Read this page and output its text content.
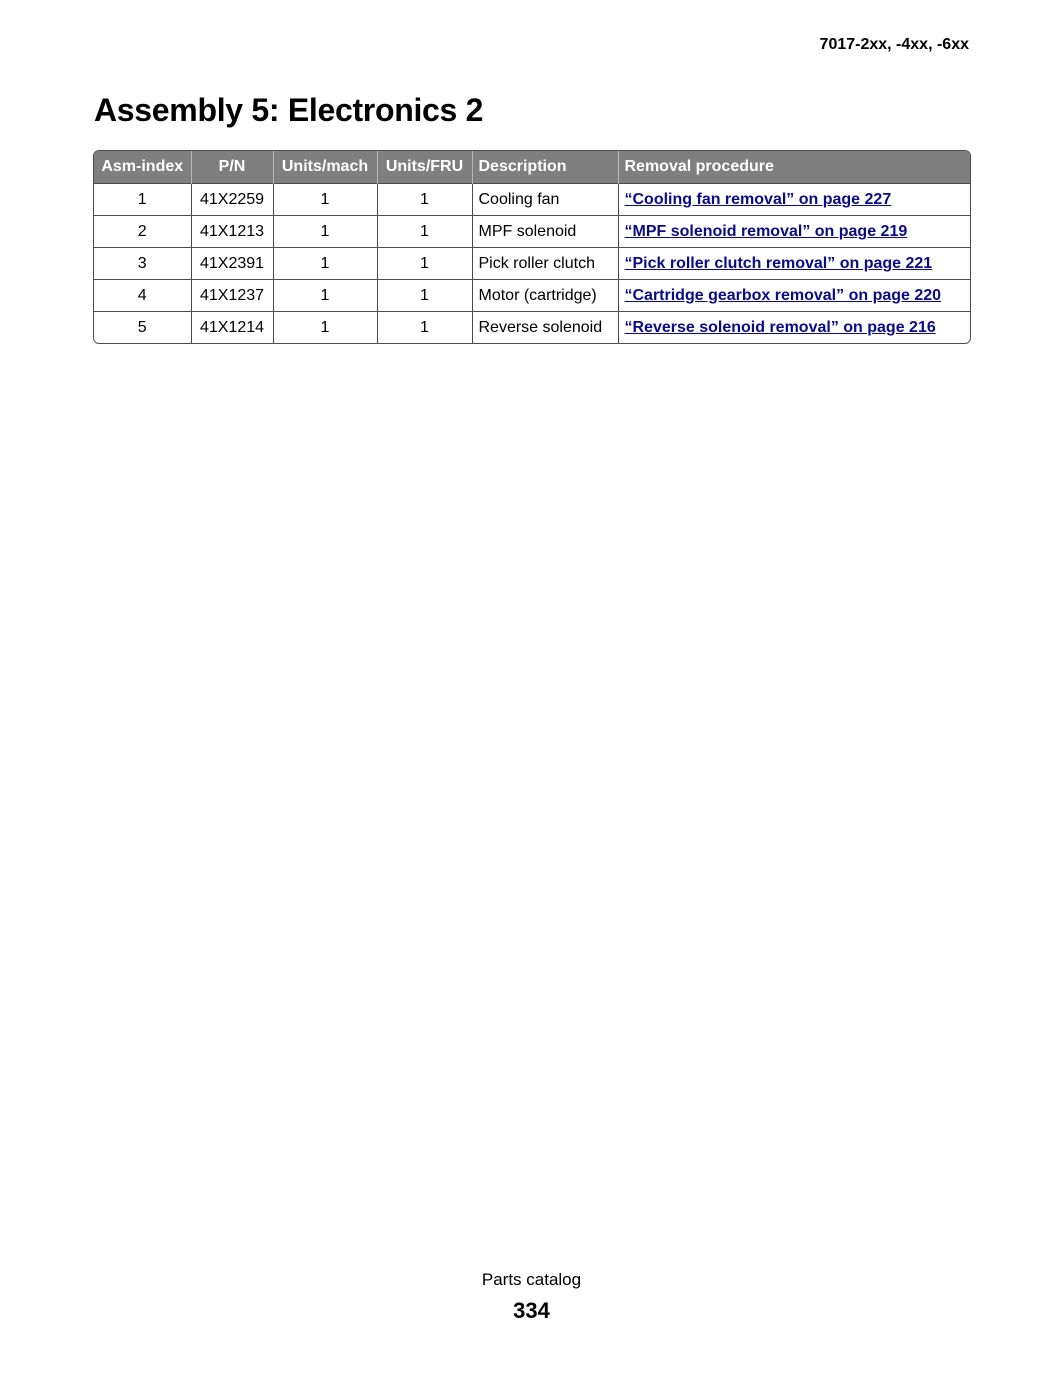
7017-2xx, -4xx, -6xx
Assembly 5: Electronics 2
Asm-index	P/N	Units/mach	Units/FRU	Description	Removal procedure
1	41X2259	1	1	Cooling fan	“Cooling fan removal” on page 227
2	41X1213	1	1	MPF solenoid	“MPF solenoid removal” on page 219
3	41X2391	1	1	Pick roller clutch	“Pick roller clutch removal” on page 221
4	41X1237	1	1	Motor (cartridge)	“Cartridge gearbox removal” on page 220
5	41X1214	1	1	Reverse solenoid	“Reverse solenoid removal” on page 216
Parts catalog
334
